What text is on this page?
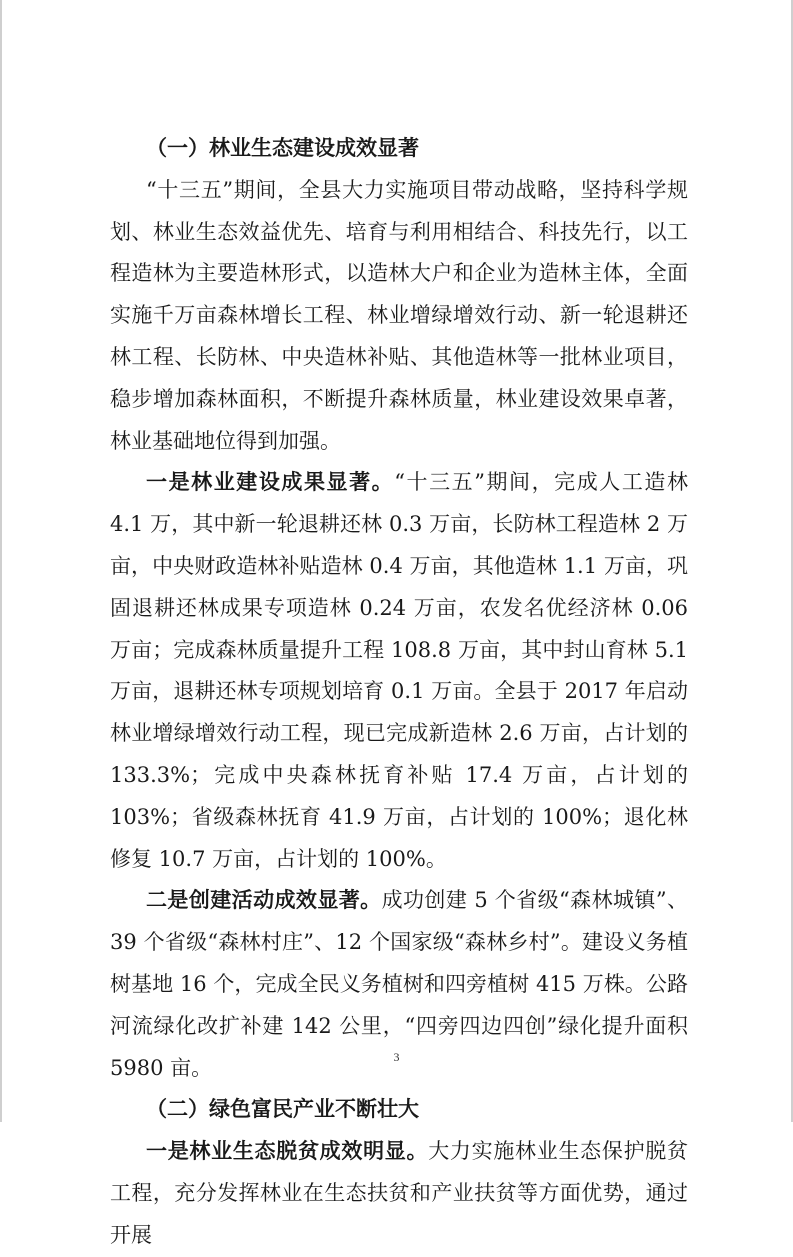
（一）林业生态建设成效显著

“十三五”期间，全县大力实施项目带动战略，坚持科学规划、林业生态效益优先、培育与利用相结合、科技先行，以工程造林为主要造林形式，以造林大户和企业为造林主体，全面实施千万亩森林增长工程、林业增绿增效行动、新一轮退耕还林工程、长防林、中央造林补贴、其他造林等一批林业项目，稳步增加森林面积，不断提升森林质量，林业建设效果卓著，林业基础地位得到加强。

一是林业建设成果显著。“十三五”期间，完成人工造林 4.1 万，其中新一轮退耕还林 0.3 万亩，长防林工程造林 2 万亩，中央财政造林补贴造林 0.4 万亩，其他造林 1.1 万亩，巩固退耕还林成果专项造林 0.24 万亩，农发名优经济林 0.06 万亩；完成森林质量提升工程 108.8 万亩，其中封山育林 5.1 万亩，退耕还林专项规划培育 0.1 万亩。全县于 2017 年启动林业增绿增效行动工程，现已完成新造林 2.6 万亩，占计划的 133.3%；完成中央森林抚育补贴 17.4 万亩，占计划的 103%；省级森林抚育 41.9 万亩，占计划的 100%；退化林修复 10.7 万亩，占计划的 100%。

二是创建活动成效显著。成功创建 5 个省级“森林城镇”、39 个省级“森林村庄”、12 个国家级“森林乡村”。建设义务植树基地 16 个，完成全民义务植树和四旁植树 415 万株。公路河流绿化改扩补建 142 公里，“四旁四边四创”绿化提升面积 5980 亩。

（二）绿色富民产业不断壮大

一是林业生态脱贫成效明显。大力实施林业生态保护脱贫工程，充分发挥林业在生态扶贫和产业扶贫等方面优势，通过开展

3
